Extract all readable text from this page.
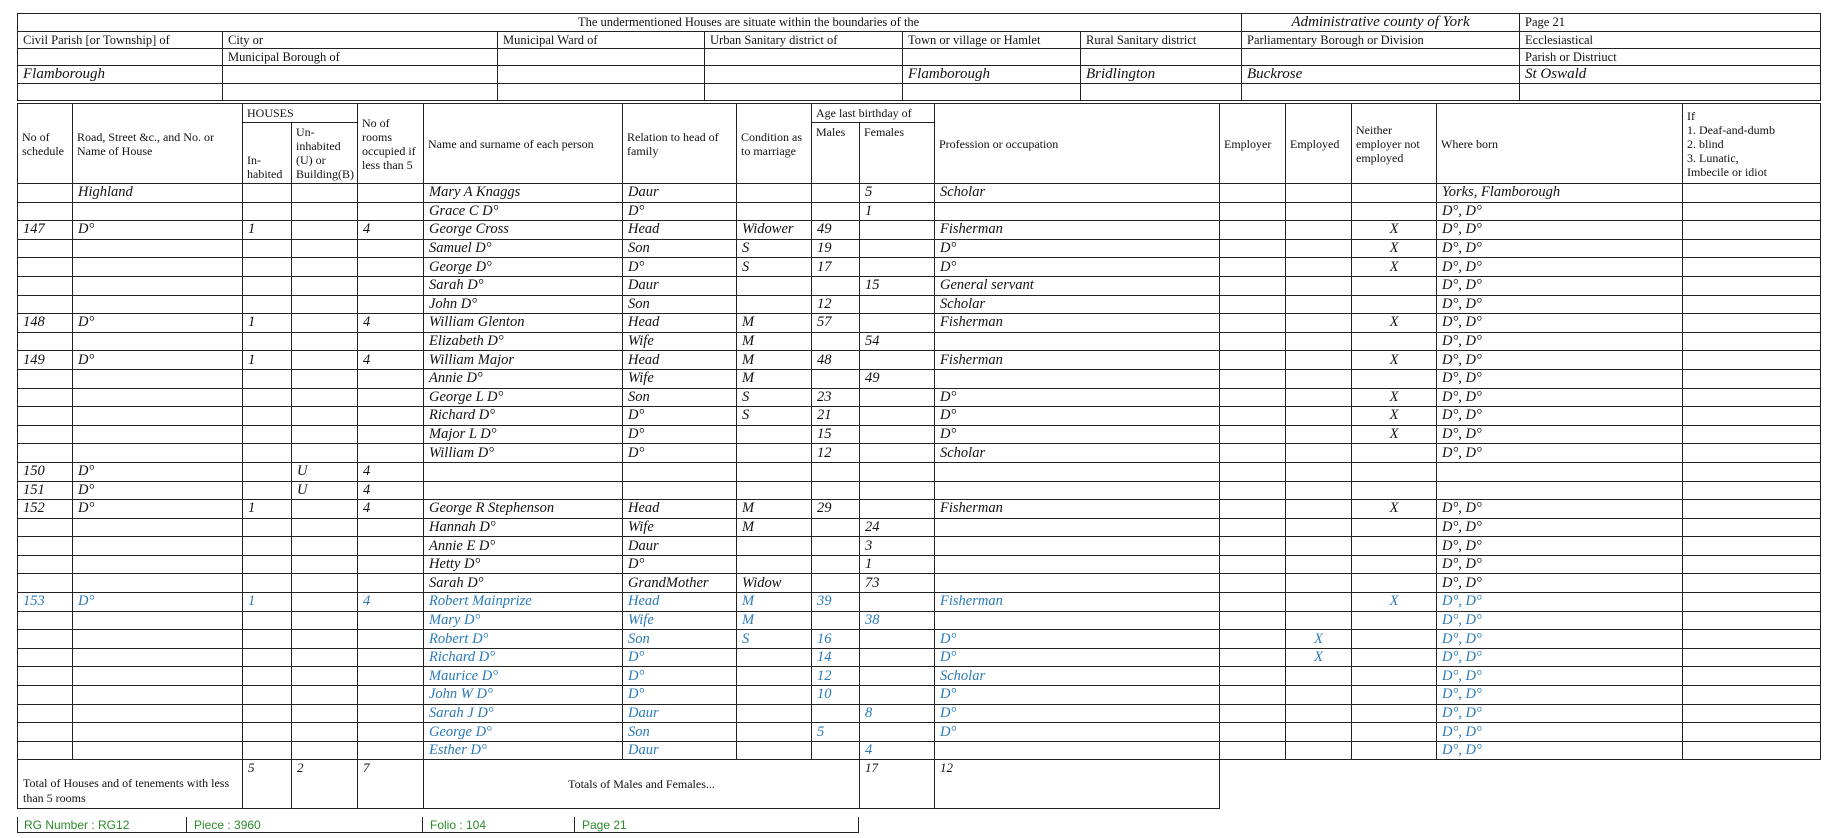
The undermentioned Houses are situate within the boundaries of the						Administrative county of York	Page 21
Civil Parish [or Township] of	City or	Municipal Ward of	Urban Sanitary district of	Town or village or Hamlet	Rural Sanitary district	Parliamentary Borough or Division	Ecclesiastical
	Municipal Borough of						Parish or Distriuct
Flamborough				Flamborough	Bridlington	Buckrose	St Oswald

No of schedule	Road, Street &c., and No. or Name of House	HOUSES		No of rooms occupied if less than 5	Name and surname of each person	Relation to head of family	Condition as to marriage	Age last birthday of		Profession or occupation	Employer	Employed	Neither employer not employed	Where born	If
1. Deaf-and-dumb
2. blind
3. Lunatic,
Imbecile or idiot

		In- habited	Un- inhabited (U) or Building(B)					Males	Females						
	Highland				Mary A Knaggs	Daur			5	Scholar				Yorks, Flamborough	
					Grace C D°	D°			1					D°, D°	
147	D°	1		4	George Cross	Head	Widower	49		Fisherman			X	D°, D°	
					Samuel D°	Son	S	19		D°			X	D°, D°	
					George D°	D°	S	17		D°			X	D°, D°	
					Sarah D°	Daur			15	General servant				D°, D°	
					John D°	Son		12		Scholar				D°, D°	
148	D°	1		4	William Glenton	Head	M	57		Fisherman			X	D°, D°	
					Elizabeth D°	Wife	M		54					D°, D°	
149	D°	1		4	William Major	Head	M	48		Fisherman			X	D°, D°	
					Annie D°	Wife	M		49					D°, D°	
					George L D°	Son	S	23		D°			X	D°, D°	
					Richard D°	D°	S	21		D°			X	D°, D°	
					Major L D°	D°		15		D°			X	D°, D°	
					William D°	D°		12		Scholar				D°, D°	
150	D°		U	4											
151	D°		U	4											
152	D°	1		4	George R Stephenson	Head	M	29		Fisherman			X	D°, D°	
					Hannah D°	Wife	M		24					D°, D°	
					Annie E D°	Daur			3					D°, D°	
					Hetty D°	D°			1					D°, D°	
					Sarah D°	GrandMother	Widow		73					D°, D°	
153	D°	1		4	Robert Mainprize	Head	M	39		Fisherman			X	D°, D°	
					Mary D°	Wife	M		38					D°, D°	
					Robert D°	Son	S	16		D°		X		D°, D°	
					Richard D°	D°		14		D°		X		D°, D°	
					Maurice D°	D°		12		Scholar				D°, D°	
					John W D°	D°		10		D°				D°, D°	
					Sarah J D°	Daur			8	D°				D°, D°	
					George D°	Son		5		D°				D°, D°	
					Esther D°	Daur			4					D°, D°	
Total of Houses and of tenements with less than 5 rooms		5	2	7	Totals of Males and Females...				17	12					
RG Number : RG12	Piece : 3960	Folio : 104	Page 21
